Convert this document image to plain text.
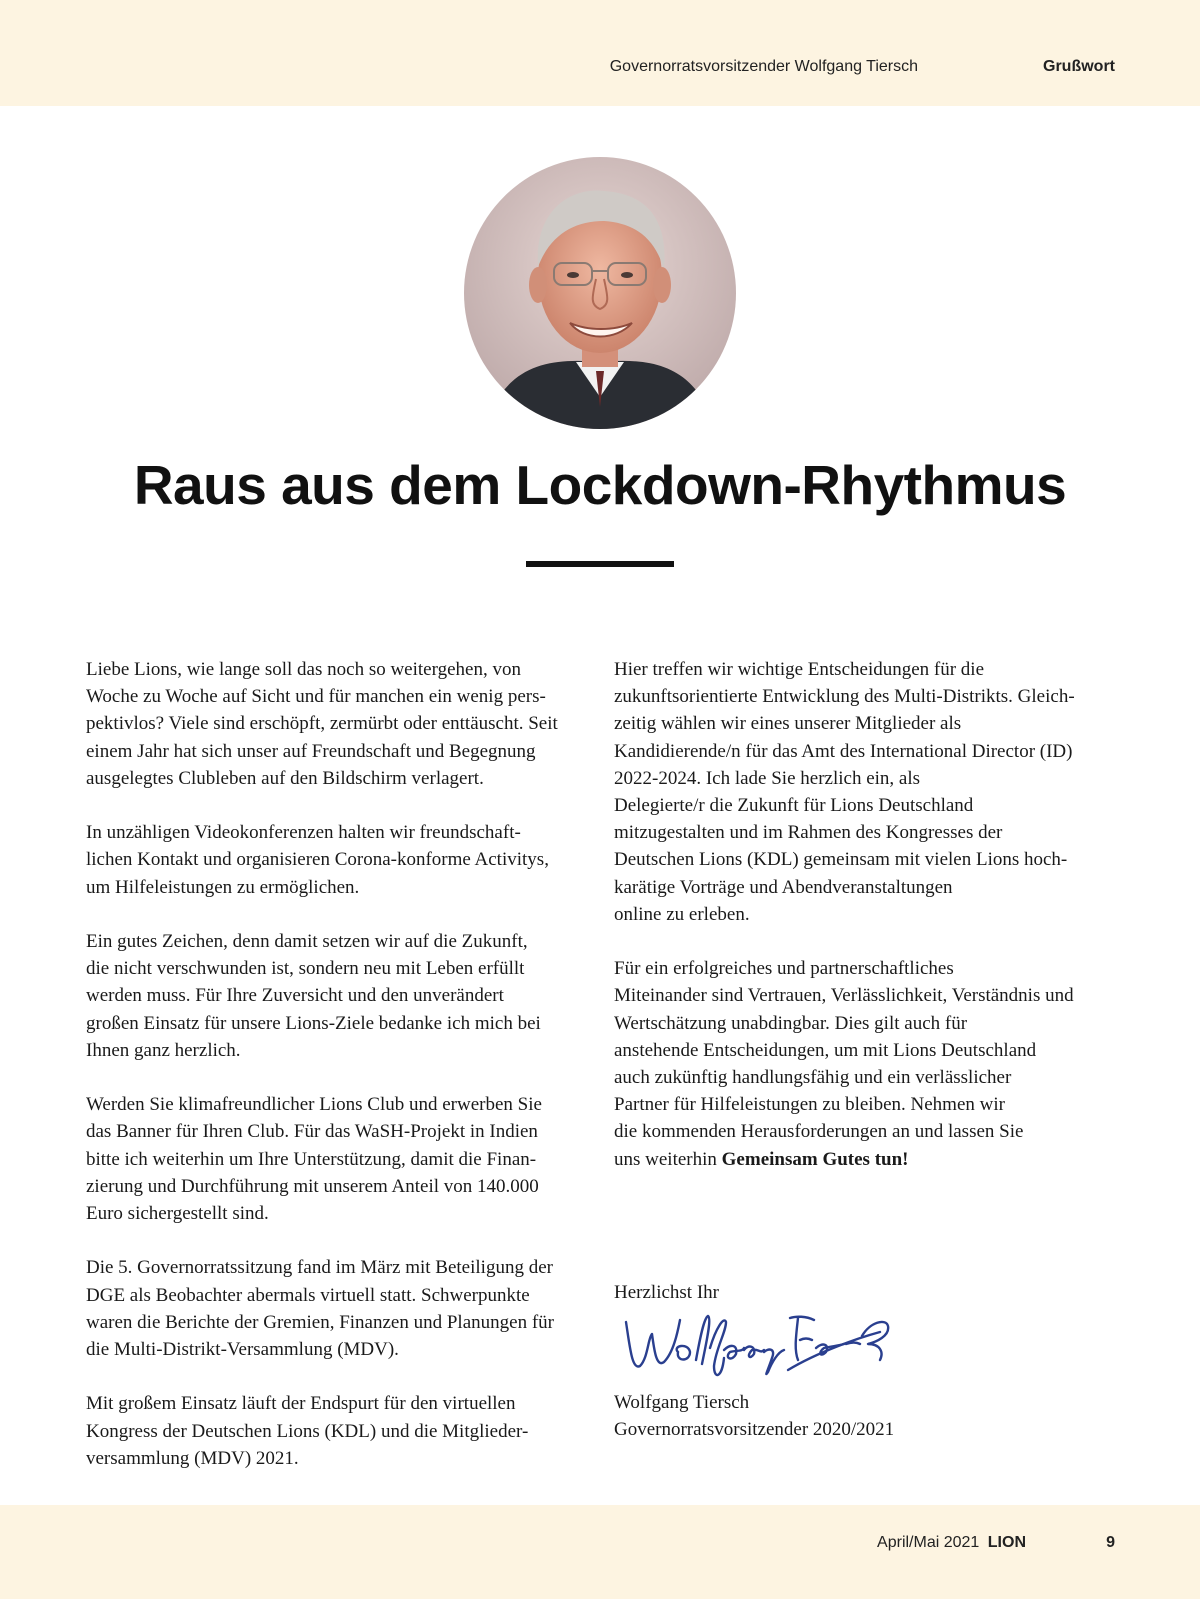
Governorratsvorsitzender Wolfgang Tiersch	Grußwort
Raus aus dem Lockdown-Rhythmus

Liebe Lions, wie lange soll das noch so weitergehen, von
Woche zu Woche auf Sicht und für manchen ein wenig pers-
pektivlos? Viele sind erschöpft, zermürbt oder enttäuscht. Seit
einem Jahr hat sich unser auf Freundschaft und Begegnung
ausgelegtes Clubleben auf den Bildschirm verlagert.

In unzähligen Videokonferenzen halten wir freundschaft-
lichen Kontakt und organisieren Corona-konforme Activitys,
um Hilfeleistungen zu ermöglichen.

Ein gutes Zeichen, denn damit setzen wir auf die Zukunft,
die nicht verschwunden ist, sondern neu mit Leben erfüllt
werden muss. Für Ihre Zuversicht und den unverändert
großen Einsatz für unsere Lions-Ziele bedanke ich mich bei
Ihnen ganz herzlich.

Werden Sie klimafreundlicher Lions Club und erwerben Sie
das Banner für Ihren Club. Für das WaSH-Projekt in Indien
bitte ich weiterhin um Ihre Unterstützung, damit die Finan-
zierung und Durchführung mit unserem Anteil von 140.000
Euro sichergestellt sind.

Die 5. Governorratssitzung fand im März mit Beteiligung der
DGE als Beobachter abermals virtuell statt. Schwerpunkte
waren die Berichte der Gremien, Finanzen und Planungen für
die Multi-Distrikt-Versammlung (MDV).

Mit großem Einsatz läuft der Endspurt für den virtuellen
Kongress der Deutschen Lions (KDL) und die Mitglieder-
versammlung (MDV) 2021.

Hier treffen wir wichtige Entscheidungen für die
zukunftsorientierte Entwicklung des Multi-Distrikts. Gleich-
zeitig wählen wir eines unserer Mitglieder als
Kandidierende/n für das Amt des International Director (ID)
2022-2024. Ich lade Sie herzlich ein, als
Delegierte/r die Zukunft für Lions Deutschland
mitzugestalten und im Rahmen des Kongresses der
Deutschen Lions (KDL) gemeinsam mit vielen Lions hoch-
karätige Vorträge und Abendveranstaltungen
online zu erleben.

Für ein erfolgreiches und partnerschaftliches
Miteinander sind Vertrauen, Verlässlichkeit, Verständnis und
Wertschätzung unabdingbar. Dies gilt auch für
anstehende Entscheidungen, um mit Lions Deutschland
auch zukünftig handlungsfähig und ein verlässlicher
Partner für Hilfeleistungen zu bleiben. Nehmen wir
die kommenden Herausforderungen an und lassen Sie
uns weiterhin Gemeinsam Gutes tun!

Herzlichst Ihr
Wolfgang Tiersch
Governorratsvorsitzender 2020/2021
April/Mai 2021 LION	9
